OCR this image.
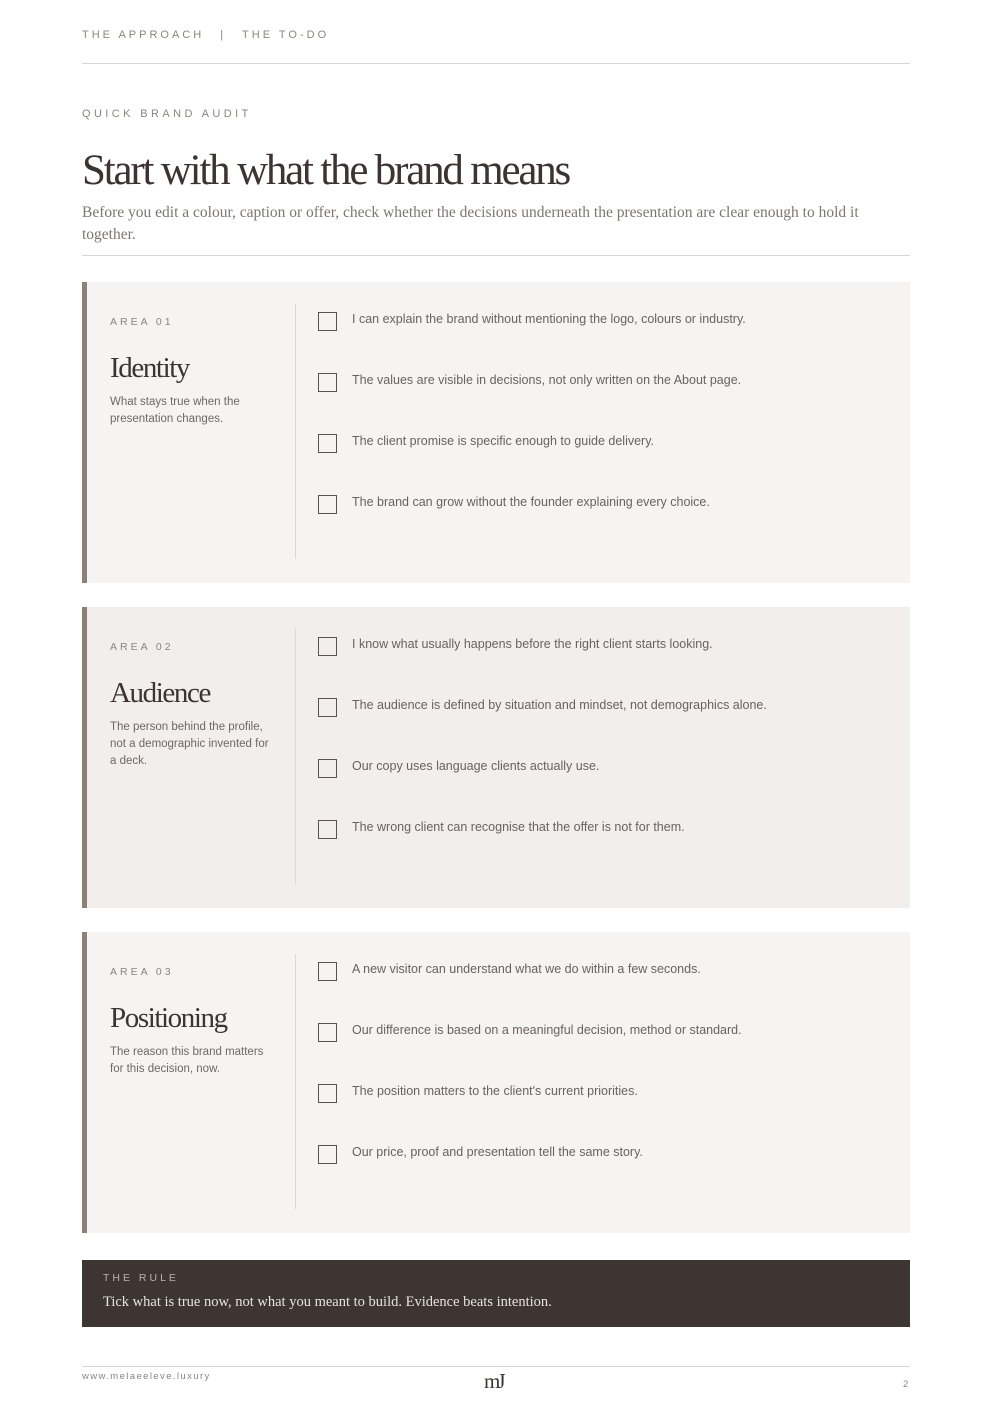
THE APPROACH | THE TO-DO
QUICK BRAND AUDIT
Start with what the brand means

Before you edit a colour, caption or offer, check whether the decisions underneath the presentation are clear enough to hold it together.

AREA 01
Identity
What stays true when the presentation changes.
I can explain the brand without mentioning the logo, colours or industry.
The values are visible in decisions, not only written on the About page.
The client promise is specific enough to guide delivery.
The brand can grow without the founder explaining every choice.
AREA 02
Audience
The person behind the profile, not a demographic invented for a deck.
I know what usually happens before the right client starts looking.
The audience is defined by situation and mindset, not demographics alone.
Our copy uses language clients actually use.
The wrong client can recognise that the offer is not for them.
AREA 03
Positioning
The reason this brand matters for this decision, now.
A new visitor can understand what we do within a few seconds.
Our difference is based on a meaningful decision, method or standard.
The position matters to the client's current priorities.
Our price, proof and presentation tell the same story.
THE RULE
Tick what is true now, not what you meant to build. Evidence beats intention.
www.melaeeleve.luxury	mJ	2
